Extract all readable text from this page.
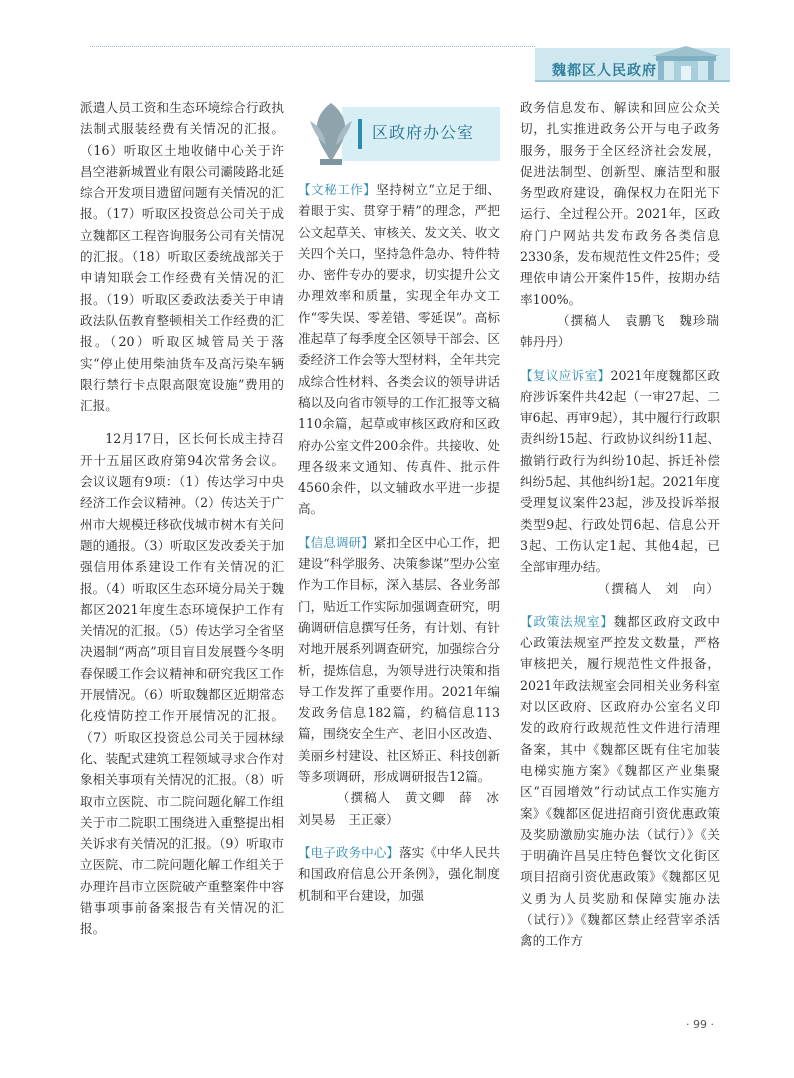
魏都区人民政府

派遣人员工资和生态环境综合行政执法制式服装经费有关情况的汇报。（16）听取区土地收储中心关于许昌空港新城置业有限公司灞陵路北延综合开发项目遗留问题有关情况的汇报。（17）听取区投资总公司关于成立魏都区工程咨询服务公司有关情况的汇报。（18）听取区委统战部关于申请知联会工作经费有关情况的汇报。（19）听取区委政法委关于申请政法队伍教育整顿相关工作经费的汇报。（20）听取区城管局关于落实“停止使用柴油货车及高污染车辆限行禁行卡点限高限宽设施”费用的汇报。

12月17日，区长何长成主持召开十五届区政府第94次常务会议。会议议题有9项：（1）传达学习中央经济工作会议精神。（2）传达关于广州市大规模迁移砍伐城市树木有关问题的通报。（3）听取区发改委关于加强信用体系建设工作有关情况的汇报。（4）听取区生态环境分局关于魏都区2021年度生态环境保护工作有关情况的汇报。（5）传达学习全省坚决遏制“两高”项目盲目发展暨今冬明春保暖工作会议精神和研究我区工作开展情况。（6）听取魏都区近期常态化疫情防控工作开展情况的汇报。（7）听取区投资总公司关于园林绿化、装配式建筑工程领域寻求合作对象相关事项有关情况的汇报。（8）听取市立医院、市二院问题化解工作组关于市二院职工围绕进入重整提出相关诉求有关情况的汇报。（9）听取市立医院、市二院问题化解工作组关于办理许昌市立医院破产重整案件中容错事项事前备案报告有关情况的汇报。

区政府办公室

【文秘工作】坚持树立“立足于细、着眼于实、贯穿于精”的理念，严把公文起草关、审核关、发文关、收文关四个关口，坚持急件急办、特件特办、密件专办的要求，切实提升公文办理效率和质量，实现全年办文工作“零失误、零差错、零延误”。高标准起草了每季度全区领导干部会、区委经济工作会等大型材料，全年共完成综合性材料、各类会议的领导讲话稿以及向省市领导的工作汇报等文稿110余篇，起草或审核区政府和区政府办公室文件200余件。共接收、处理各级来文通知、传真件、批示件4560余件，以文辅政水平进一步提高。

【信息调研】紧扣全区中心工作，把建设“科学服务、决策参谋”型办公室作为工作目标，深入基层、各业务部门，贴近工作实际加强调查研究，明确调研信息撰写任务，有计划、有针对地开展系列调查研究，加强综合分析，提炼信息，为领导进行决策和指导工作发挥了重要作用。2021年编发政务信息182篇，约稿信息113篇，围绕安全生产、老旧小区改造、美丽乡村建设、社区矫正、科技创新等多项调研，形成调研报告12篇。

（撰稿人　黄文卿　薛　冰

刘昊易　王正豪）

【电子政务中心】落实《中华人民共和国政府信息公开条例》，强化制度机制和平台建设，加强

政务信息发布、解读和回应公众关切，扎实推进政务公开与电子政务服务，服务于全区经济社会发展，促进法制型、创新型、廉洁型和服务型政府建设，确保权力在阳光下运行、全过程公开。2021年，区政府门户网站共发布政务各类信息2330条，发布规范性文件25件；受理依申请公开案件15件，按期办结率100%。

（撰稿人　袁鹏飞　魏珍瑞

韩丹丹）

【复议应诉室】2021年度魏都区政府涉诉案件共42起（一审27起、二审6起、再审9起），其中履行行政职责纠纷15起、行政协议纠纷11起、撤销行政行为纠纷10起、拆迁补偿纠纷5起、其他纠纷1起。2021年度受理复议案件23起，涉及投诉举报类型9起、行政处罚6起、信息公开3起、工伤认定1起、其他4起，已全部审理办结。

（撰稿人　刘　向）

【政策法规室】魏都区政府文政中心政策法规室严控发文数量，严格审核把关，履行规范性文件报备，2021年政法规室会同相关业务科室对以区政府、区政府办公室名义印发的政府行政规范性文件进行清理备案，其中《魏都区既有住宅加装电梯实施方案》《魏都区产业集聚区“百园增效”行动试点工作实施方案》《魏都区促进招商引资优惠政策及奖励激励实施办法（试行）》《关于明确许昌吴庄特色餐饮文化街区项目招商引资优惠政策》《魏都区见义勇为人员奖励和保障实施办法（试行）》《魏都区禁止经营宰杀活禽的工作方

· 99 ·
